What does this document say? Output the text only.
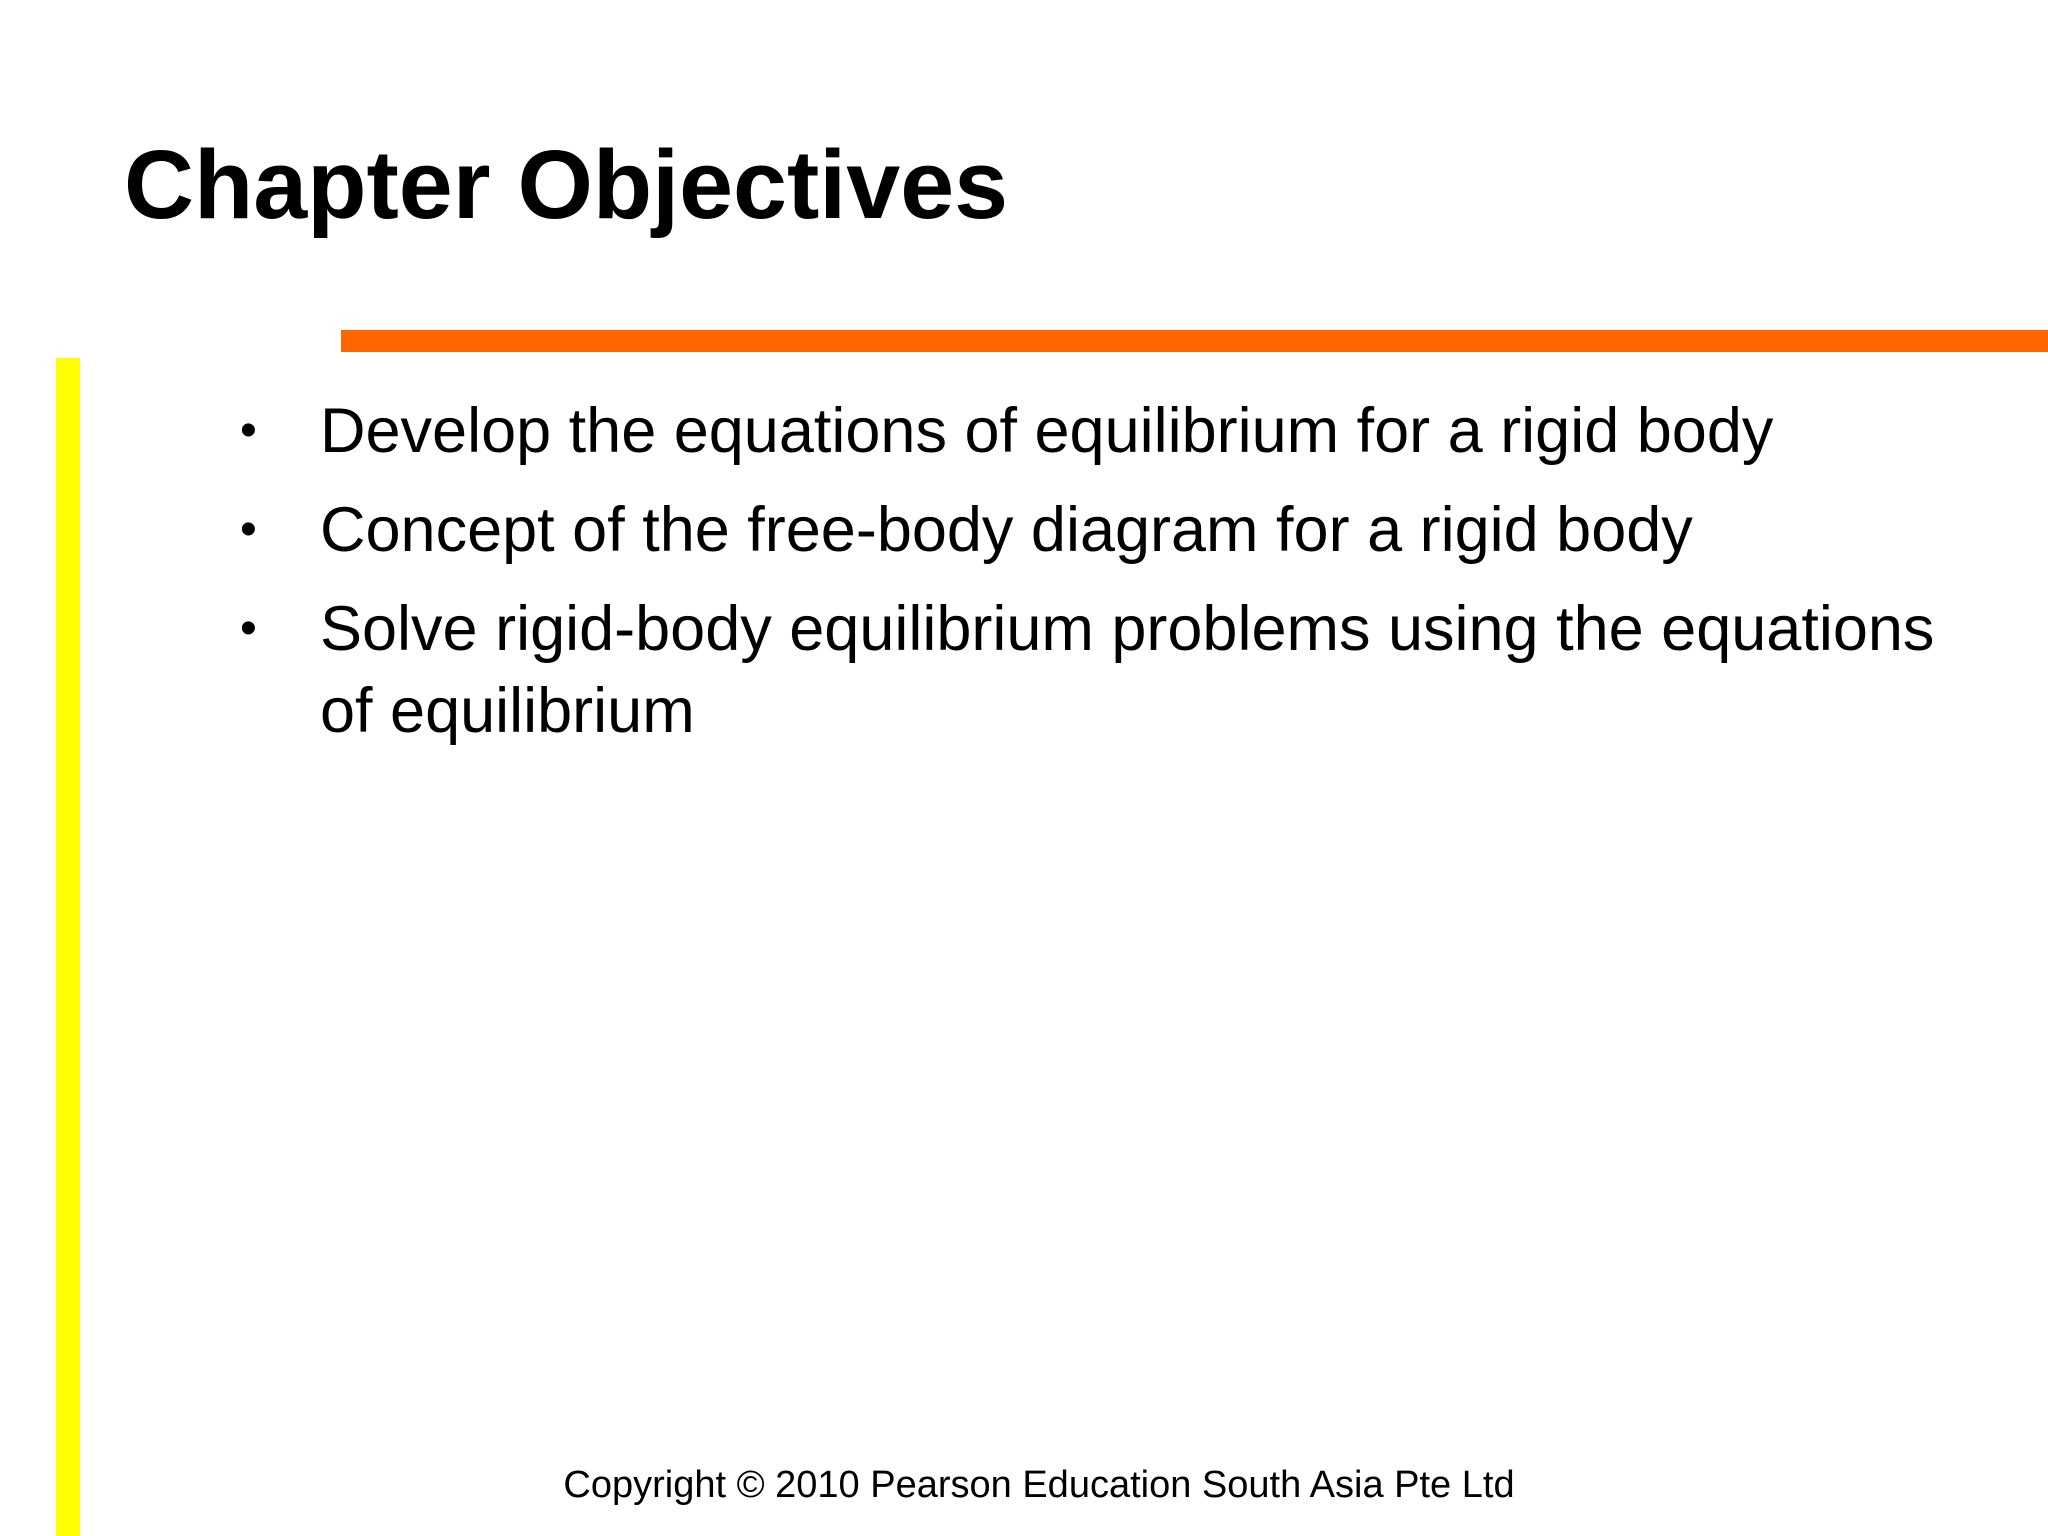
Chapter Objectives
•	Develop the equations of equilibrium for a rigid body
•	Concept of the free-body diagram for a rigid body
•	Solve rigid-body equilibrium problems using the equations of equilibrium
Copyright © 2010 Pearson Education South Asia Pte Ltd
